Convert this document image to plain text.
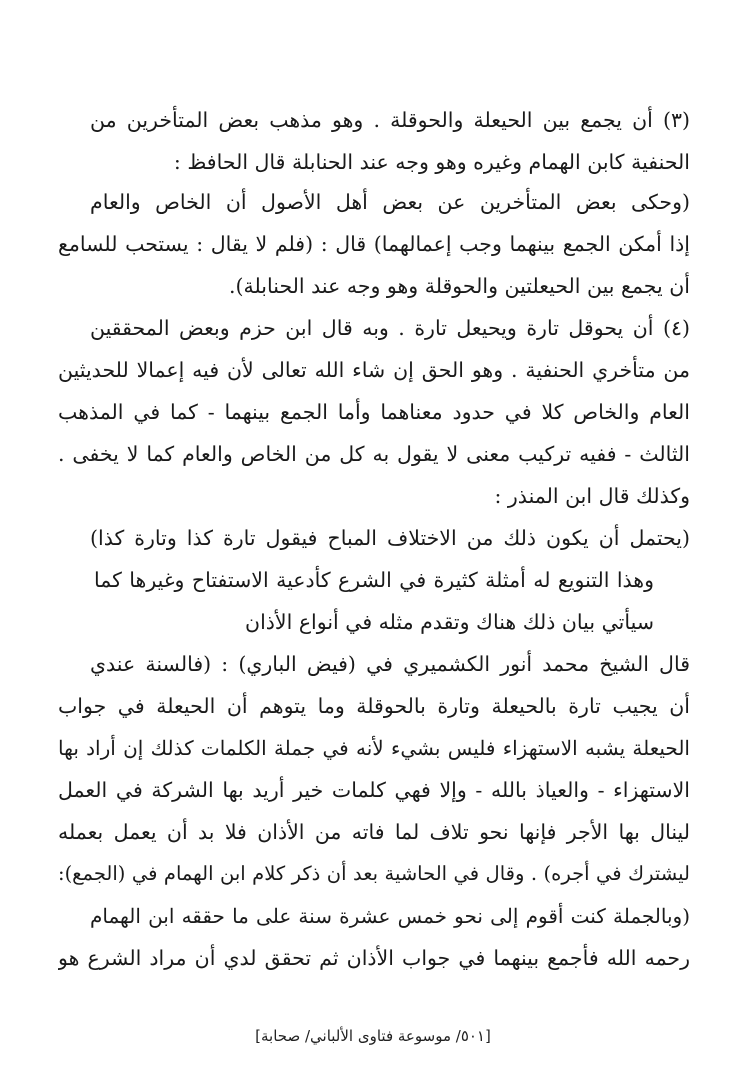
(٣) أن يجمع بين الحيعلة والحوقلة . وهو مذهب بعض المتأخرين من
الحنفية كابن الهمام وغيره وهو وجه عند الحنابلة قال الحافظ :
(وحكى بعض المتأخرين عن بعض أهل الأصول أن الخاص والعام
إذا أمكن الجمع بينهما وجب إعمالهما) قال : (فلم لا يقال : يستحب للسامع
أن يجمع بين الحيعلتين والحوقلة وهو وجه عند الحنابلة).
(٤) أن يحوقل تارة ويحيعل تارة . وبه قال ابن حزم وبعض المحققين
من متأخري الحنفية . وهو الحق إن شاء الله تعالى لأن فيه إعمالا للحديثين
العام والخاص كلا في حدود معناهما وأما الجمع بينهما - كما في المذهب
الثالث - ففيه تركيب معنى لا يقول به كل من الخاص والعام كما لا يخفى .
وكذلك قال ابن المنذر :
(يحتمل أن يكون ذلك من الاختلاف المباح فيقول تارة كذا وتارة كذا)
وهذا التنويع له أمثلة كثيرة في الشرع كأدعية الاستفتاح وغيرها كما
سيأتي بيان ذلك هناك وتقدم مثله في أنواع الأذان
قال الشيخ محمد أنور الكشميري في (فيض الباري) : (فالسنة عندي
أن يجيب تارة بالحيعلة وتارة بالحوقلة وما يتوهم أن الحيعلة في جواب
الحيعلة يشبه الاستهزاء فليس بشيء لأنه في جملة الكلمات كذلك إن أراد بها
الاستهزاء - والعياذ بالله - وإلا فهي كلمات خير أريد بها الشركة في العمل
لينال بها الأجر فإنها نحو تلاف لما فاته من الأذان فلا بد أن يعمل بعمله
ليشترك في أجره) . وقال في الحاشية بعد أن ذكر كلام ابن الهمام في (الجمع):
(وبالجملة كنت أقوم إلى نحو خمس عشرة سنة على ما حققه ابن الهمام
رحمه الله فأجمع بينهما في جواب الأذان ثم تحقق لدي أن مراد الشرع هو
[٥٠١/ موسوعة فتاوى الألباني/ صحابة]
